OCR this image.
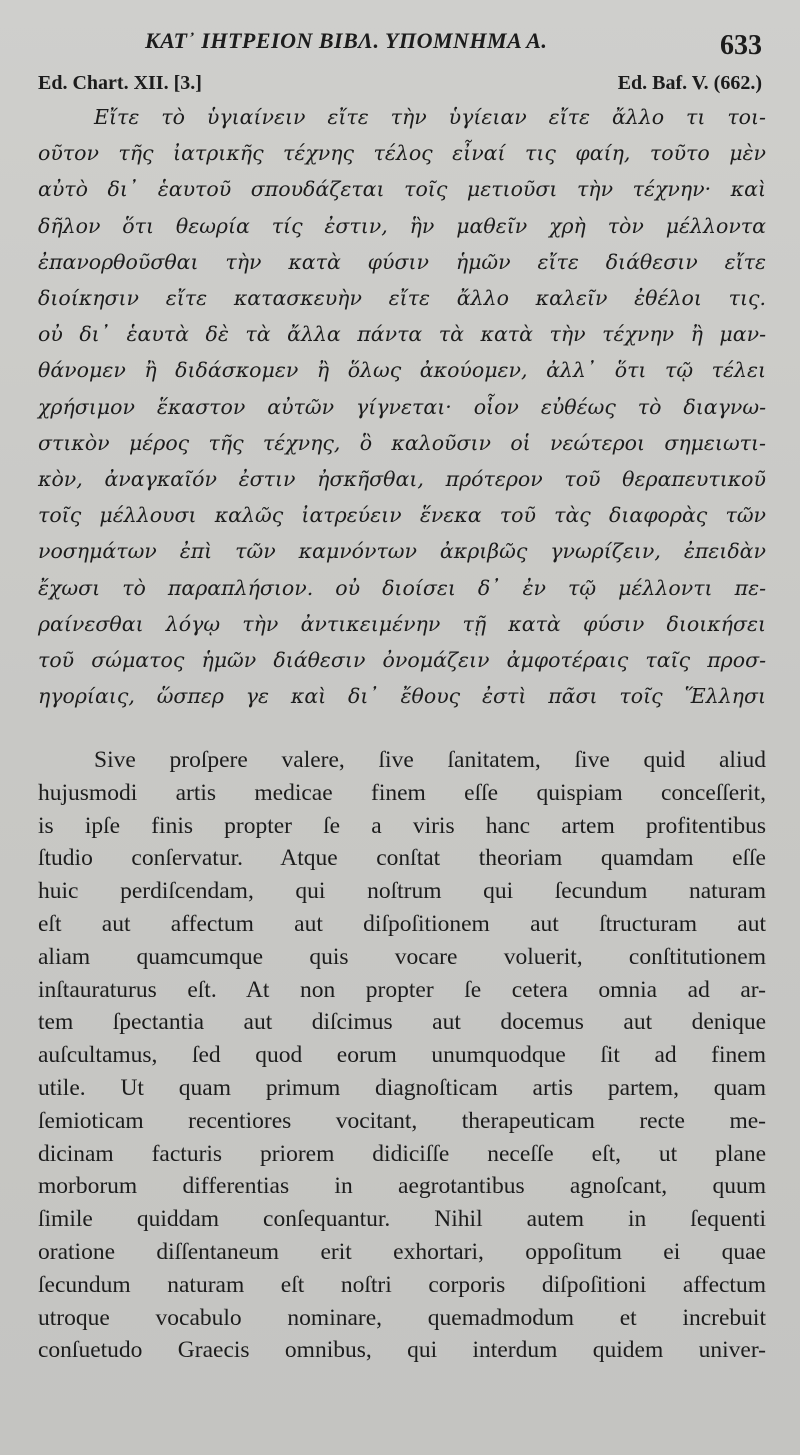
ΚΑΤ᾽ ΙΗΤΡΕΙΟΝ ΒΙΒΛ. ΥΠΟΜΝΗΜΑ Α.	633
Ed. Chart. XII. [3.]	Ed. Baf. V. (662.)
Εἴτε τὸ ὑγιαίνειν εἴτε τὴν ὑγίειαν εἴτε ἄλλο τι τοι-
οῦτον τῆς ἰατρικῆς τέχνης τέλος εἶναί τις φαίη, τοῦτο μὲν
αὐτὸ δι᾽ ἑαυτοῦ σπουδάζεται τοῖς μετιοῦσι τὴν τέχνην· καὶ
δῆλον ὅτι θεωρία τίς ἐστιν, ἣν μαθεῖν χρὴ τὸν μέλλοντα
ἐπανορθοῦσθαι τὴν κατὰ φύσιν ἡμῶν εἴτε διάθεσιν εἴτε
διοίκησιν εἴτε κατασκευὴν εἴτε ἄλλο καλεῖν ἐθέλοι τις.
οὐ δι᾽ ἑαυτὰ δὲ τὰ ἄλλα πάντα τὰ κατὰ τὴν τέχνην ἢ μαν-
θάνομεν ἢ διδάσκομεν ἢ ὅλως ἀκούομεν, ἀλλ᾽ ὅτι τῷ τέλει
χρήσιμον ἕκαστον αὐτῶν γίγνεται· οἷον εὐθέως τὸ διαγνω-
στικὸν μέρος τῆς τέχνης, ὃ καλοῦσιν οἱ νεώτεροι σημειωτι-
κὸν, ἀναγκαῖόν ἐστιν ἠσκῆσθαι, πρότερον τοῦ θεραπευτικοῦ
τοῖς μέλλουσι καλῶς ἰατρεύειν ἕνεκα τοῦ τὰς διαφορὰς τῶν
νοσημάτων ἐπὶ τῶν καμνόντων ἀκριβῶς γνωρίζειν, ἐπειδὰν
ἔχωσι τὸ παραπλήσιον. οὐ διοίσει δ᾽ ἐν τῷ μέλλοντι πε-
ραίνεσθαι λόγῳ τὴν ἀντικειμένην τῇ κατὰ φύσιν διοικήσει
τοῦ σώματος ἡμῶν διάθεσιν ὀνομάζειν ἀμφοτέραις ταῖς προσ-
ηγορίαις, ὥσπερ γε καὶ δι᾽ ἔθους ἐστὶ πᾶσι τοῖς Ἕλλησι
Sive proſpere valere, ſive ſanitatem, ſive quid aliud
hujusmodi artis medicae finem eſſe quispiam conceſſerit,
is ipſe finis propter ſe a viris hanc artem profitentibus
ſtudio conſervatur. Atque conſtat theoriam quamdam eſſe
huic perdiſcendam, qui noſtrum qui ſecundum naturam
eſt aut affectum aut diſpoſitionem aut ſtructuram aut
aliam quamcumque quis vocare voluerit, conſtitutionem
inſtauraturus eſt. At non propter ſe cetera omnia ad ar-
tem ſpectantia aut diſcimus aut docemus aut denique
auſcultamus, ſed quod eorum unumquodque ſit ad finem
utile. Ut quam primum diagnoſticam artis partem, quam
ſemioticam recentiores vocitant, therapeuticam recte me-
dicinam facturis priorem didiciſſe neceſſe eſt, ut plane
morborum differentias in aegrotantibus agnoſcant, quum
ſimile quiddam conſequantur. Nihil autem in ſequenti
oratione diſſentaneum erit exhortari, oppoſitum ei quae
ſecundum naturam eſt noſtri corporis diſpoſitioni affectum
utroque vocabulo nominare, quemadmodum et increbuit
conſuetudo Graecis omnibus, qui interdum quidem univer-
